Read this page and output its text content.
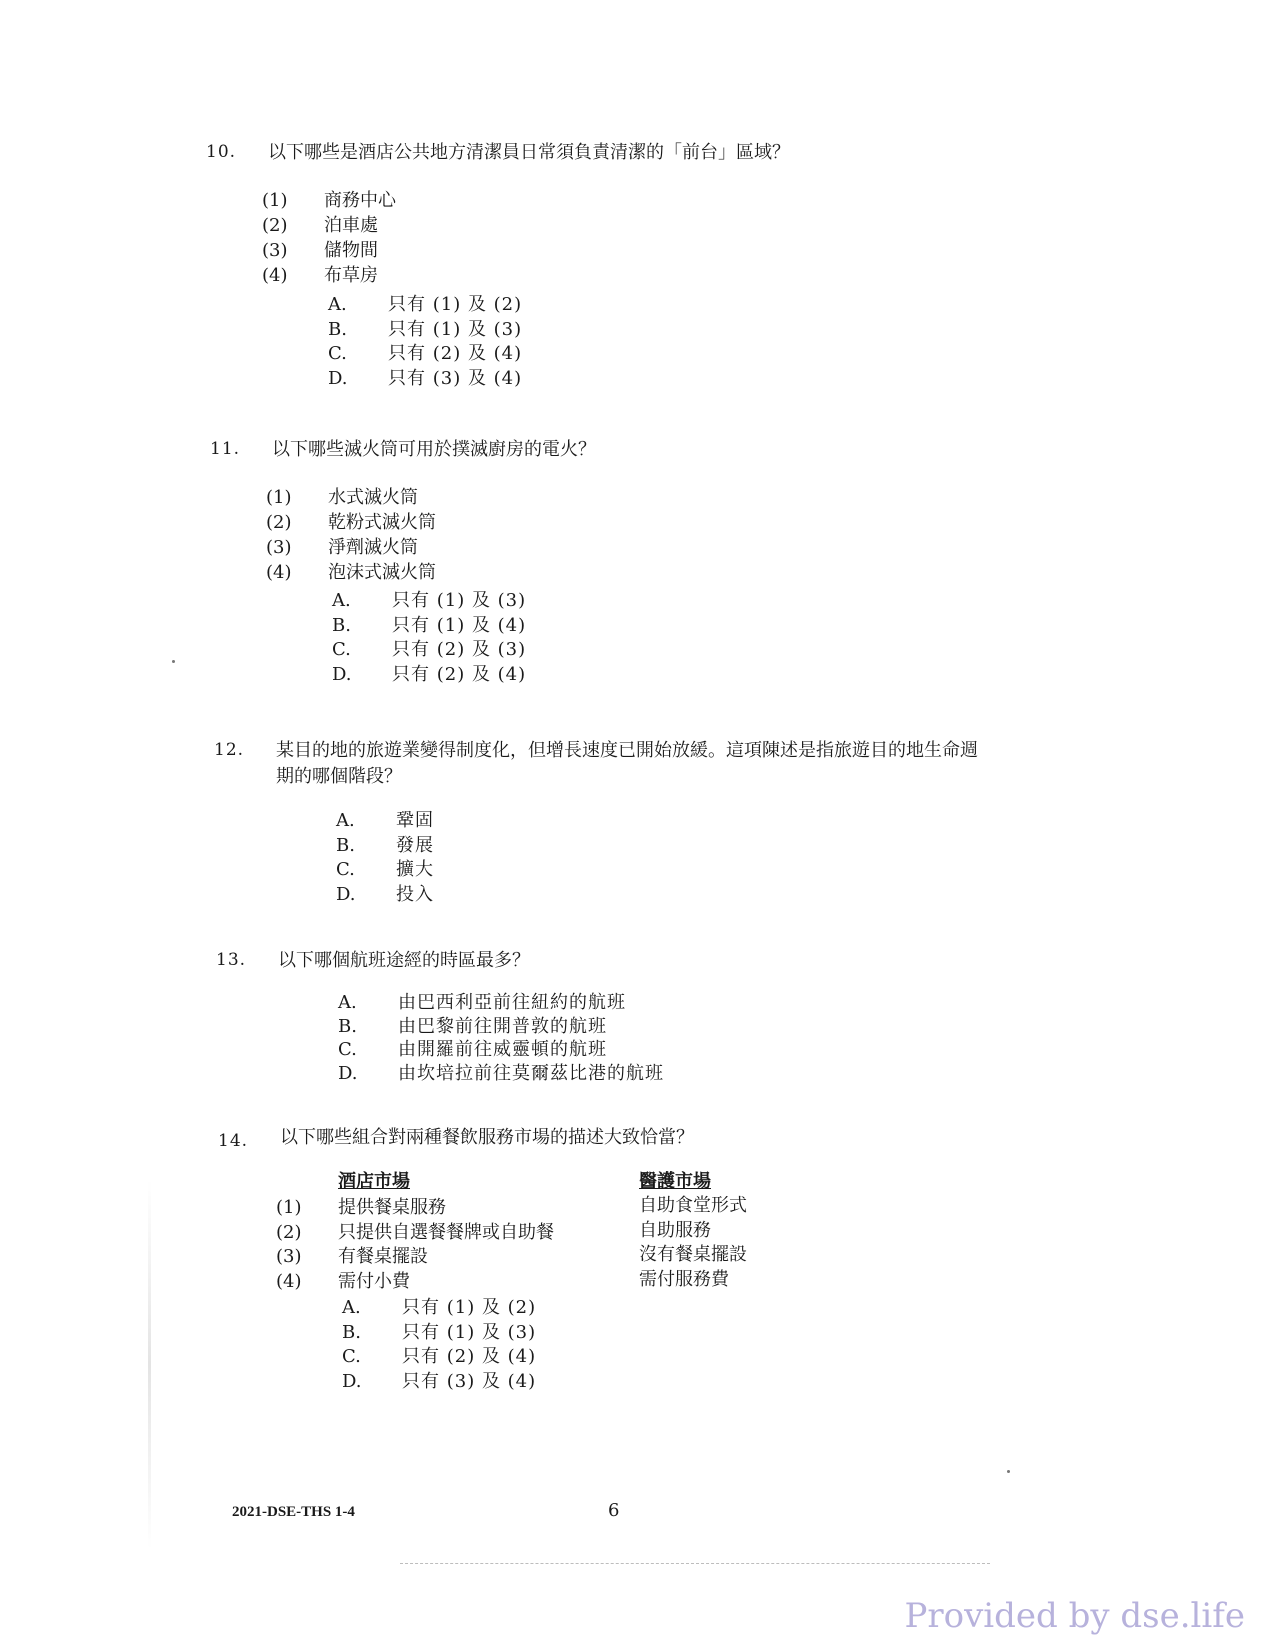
10. 以下哪些是酒店公共地方清潔員日常須負責清潔的「前台」區域？
(1) 商務中心
(2) 泊車處
(3) 儲物間
(4) 布草房
A. 只有 (1) 及 (2)
B. 只有 (1) 及 (3)
C. 只有 (2) 及 (4)
D. 只有 (3) 及 (4)
11. 以下哪些滅火筒可用於撲滅廚房的電火？
(1) 水式滅火筒
(2) 乾粉式滅火筒
(3) 淨劑滅火筒
(4) 泡沫式滅火筒
A. 只有 (1) 及 (3)
B. 只有 (1) 及 (4)
C. 只有 (2) 及 (3)
D. 只有 (2) 及 (4)
12. 某目的地的旅遊業變得制度化，但增長速度已開始放緩。這項陳述是指旅遊目的地生命週
期的哪個階段？
A. 鞏固
B. 發展
C. 擴大
D. 投入
13. 以下哪個航班途經的時區最多？
A. 由巴西利亞前往紐約的航班
B. 由巴黎前往開普敦的航班
C. 由開羅前往威靈頓的航班
D. 由坎培拉前往莫爾茲比港的航班
14. 以下哪些組合對兩種餐飲服務市場的描述大致恰當？
酒店市場	醫護市場
(1) 提供餐桌服務
(2) 只提供自選餐餐牌或自助餐
(3) 有餐桌擺設
(4) 需付小費
自助食堂形式
自助服務
沒有餐桌擺設
需付服務費
A. 只有 (1) 及 (2)
B. 只有 (1) 及 (3)
C. 只有 (2) 及 (4)
D. 只有 (3) 及 (4)
2021-DSE-THS 1-4	6
Provided by dse.life
